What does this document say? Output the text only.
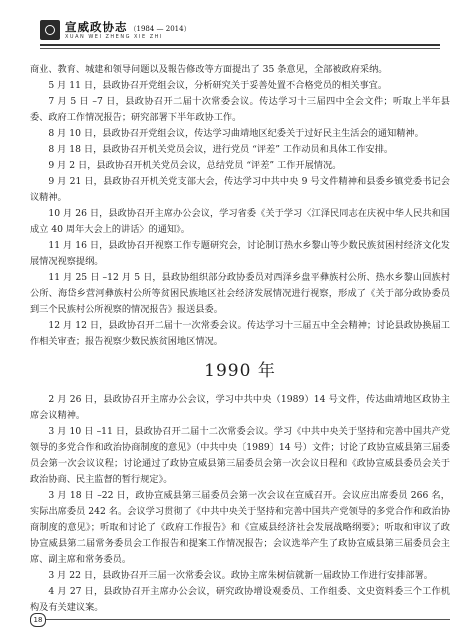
宣威政协志 （1984 — 2014）
XUAN WEI ZHENG XIE ZHI

商业、教育、城建和领导问题以及報告修改等方面提出了 35 条意见，全部被政府采纳。

5 月 11 日，县政协召开党组会议，分析研究关于妥善处置不合格党员的相关事宜。

7 月 5 日 –7 日，县政协召开二届十次常委会议。传达学习十三届四中全会文件；听取上半年县委、政府工作情况报告；研究部署下半年政协工作。

8 月 10 日，县政协召开党组会议，传达学习曲靖地区纪委关于过好民主生活会的通知精神。

8 月 18 日，县政协召开机关党员会议，进行党员 “评差” 工作动员和具体工作安排。

9 月 2 日，县政协召开机关党员会议，总结党员 “评差” 工作开展情况。

9 月 21 日，县政协召开机关党支部大会，传达学习中共中央 9 号文件精神和县委乡镇党委书记会议精神。

10 月 26 日，县政协召开主席办公会议，学习省委《关于学习〈江泽民同志在庆祝中华人民共和国成立 40 周年大会上的讲话〉的通知》。

11 月 16 日，县政协召开视察工作专题研究会，讨论制订热水乡黎山等少数民族贫困村经济文化发展情况视察提纲。

11 月 25 日 –12 月 5 日，县政协组织部分政协委员对西泽乡盘平彝族村公所、热水乡黎山回族村公所、海岱乡营河彝族村公所等贫困民族地区社会经济发展情况进行视察，形成了《关于部分政协委员到三个民族村公所视察的情况报告》报送县委。

12 月 12 日，县政协召开二届十一次常委会议。传达学习十三届五中全会精神；讨论县政协换届工作相关审查；报告视察少数民族贫困地区情况。

1990 年

2 月 26 日，县政协召开主席办公会议，学习中共中央（1989）14 号文件，传达曲靖地区政协主席会议精神。

3 月 10 日 –11 日，县政协召开二届十二次常委会议。学习《中共中央关于坚持和完善中国共产党领导的多党合作和政治协商制度的意见》（中共中央〔1989〕14 号）文件；讨论了政协宣威县第三届委员会第一次会议议程；讨论通过了政协宣威县第三届委员会第一次会议日程和《政协宣威县委员会关于政治协商、民主监督的暂行规定》。

3 月 18 日 –22 日，政协宣威县第三届委员会第一次会议在宣威召开。会议应出席委员 266 名，实际出席委员 242 名。会议学习贯彻了《中共中央关于坚持和完善中国共产党领导的多党合作和政治协商制度的意见》；听取和讨论了《政府工作报告》和《宣威县经济社会发展战略纲要》；听取和审议了政协宣威县第二届常务委员会工作报告和提案工作情况报告；会议选举产生了政协宣威县第三届委员会主席、副主席和常务委员。

3 月 22 日，县政协召开三届一次常委会议。政协主席朱树信就新一届政协工作进行安排部署。

4 月 27 日，县政协召开主席办公会议，研究政协增设观委员、工作组委、文史资料委三个工作机构及有关建议案。

18
